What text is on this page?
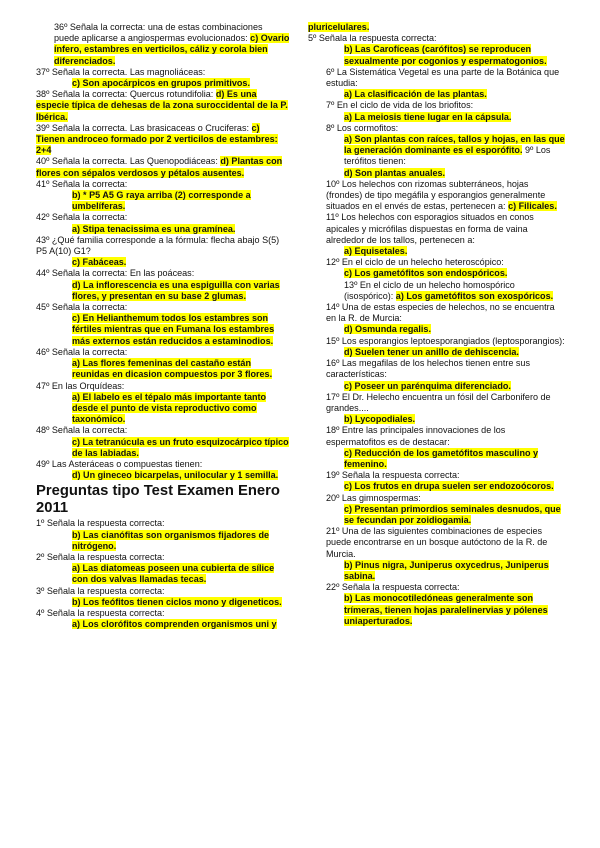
36º Señala la correcta: una de estas combinaciones puede aplicarse a angiospermas evolucionados: c) Ovario ínfero, estambres en verticilos, cáliz y corola bien diferenciados.

37º Señala la correcta. Las magnoliáceas:

c) Son apocárpicos en grupos primitivos.

38º Señala la correcta: Quercus rotundifolia: d) Es una especie típica de dehesas de la zona suroccidental de la P. Ibérica.

39º Señala la correcta. Las brasicaceas o Cruciferas: c) Tienen androceo formado por 2 verticilos de estambres: 2+4

40º Señala la correcta. Las Quenopodiáceas: d) Plantas con flores con sépalos verdosos y pétalos ausentes.

41º Señala la correcta:

b) * P5 A5 G raya arriba (2) corresponde a umbelíferas.

42º Señala la correcta:

a) Stipa tenacissima es una gramínea.

43º ¿Qué familia corresponde a la fórmula: flecha abajo S(5) P5 A(10) G1?

c) Fabáceas.

44º Señala la correcta: En las poáceas:

d) La inflorescencia es una espiguilla con varias flores, y presentan en su base 2 glumas.

45º Señala la correcta:

c) En Helianthemum todos los estambres son fértiles mientras que en Fumana los estambres más externos están reducidos a estaminodios.

46º Señala la correcta:

a) Las flores femeninas del castaño están reunidas en dicasion compuestos por 3 flores.

47º En las Orquídeas:

a) El labelo es el tépalo más importante tanto desde el punto de vista reproductivo como taxonómico.

48º Señala la correcta:

c) La tetranúcula es un fruto esquizocárpico típico de las labiadas.

49º Las Asteráceas o compuestas tienen:

d) Un gineceo bicarpelas, unilocular y 1 semilla.

Preguntas tipo Test Examen Enero 2011

1º Señala la respuesta correcta:

b) Las cianófitas son organismos fijadores de nitrógeno.

2º Señala la respuesta correcta:

a) Las diatomeas poseen una cubierta de sílice con dos valvas llamadas tecas.

3º Señala la respuesta correcta:

b) Los feófitos tienen ciclos mono y digeneticos.

4º Señala la respuesta correcta:

a) Los clorófitos comprenden organismos uni y

pluricelulares.

5º Señala la respuesta correcta:

b) Las Carofíceas (carófitos) se reproducen sexualmente por cogonios y espermatogonios.

6º La Sistemática Vegetal es una parte de la Botánica que estudia:

a) La clasificación de las plantas.

7º En el ciclo de vida de los briofitos:

a) La meiosis tiene lugar en la cápsula.

8º Los cormofitos:

a) Son plantas con raíces, tallos y hojas, en las que la generación dominante es el esporófito. 9º Los terófitos tienen:

d) Son plantas anuales.

10º Los helechos con rizomas subterráneos, hojas (frondes) de tipo megáfila y esporangios generalmente situados en el envés de estas, pertenecen a: c) Filicales.

11º Los helechos con esporagios situados en conos apicales y micrófilas dispuestas en forma de vaina alrededor de los tallos, pertenecen a:

a) Equisetales.

12º En el ciclo de un helecho heteroscópico:

c) Los gametófitos son endospóricos.

13º En el ciclo de un helecho homospórico (isospórico): a) Los gametófitos son exospóricos.

14º Una de estas especies de helechos, no se encuentra en la R. de Murcia:

d) Osmunda regalis.

15º Los esporangios leptoesporangiados (leptosporangios):

d) Suelen tener un anillo de dehiscencia.

16º Las megafilas de los helechos tienen entre sus características:

c) Poseer un parénquima diferenciado.

17º El Dr. Helecho encuentra un fósil del Carbonifero de grandes....

b) Lycopodiales.

18º Entre las principales innovaciones de los espermatofitos es de destacar:

c) Reducción de los gametófitos masculino y femenino.

19º Señala la respuesta correcta:

c) Los frutos en drupa suelen ser endozoócoros.

20º Las gimnospermas:

c) Presentan primordios seminales desnudos, que se fecundan por zoidiogamia.

21º Una de las siguientes combinaciones de especies puede encontrarse en un bosque autóctono de la R. de Murcia.

b) Pinus nigra, Juniperus oxycedrus, Juniperus sabina.

22º Señala la respuesta correcta:

b) Las monocotiledóneas generalmente son trímeras, tienen hojas paralelinervias y pólenes uniaperturados.
